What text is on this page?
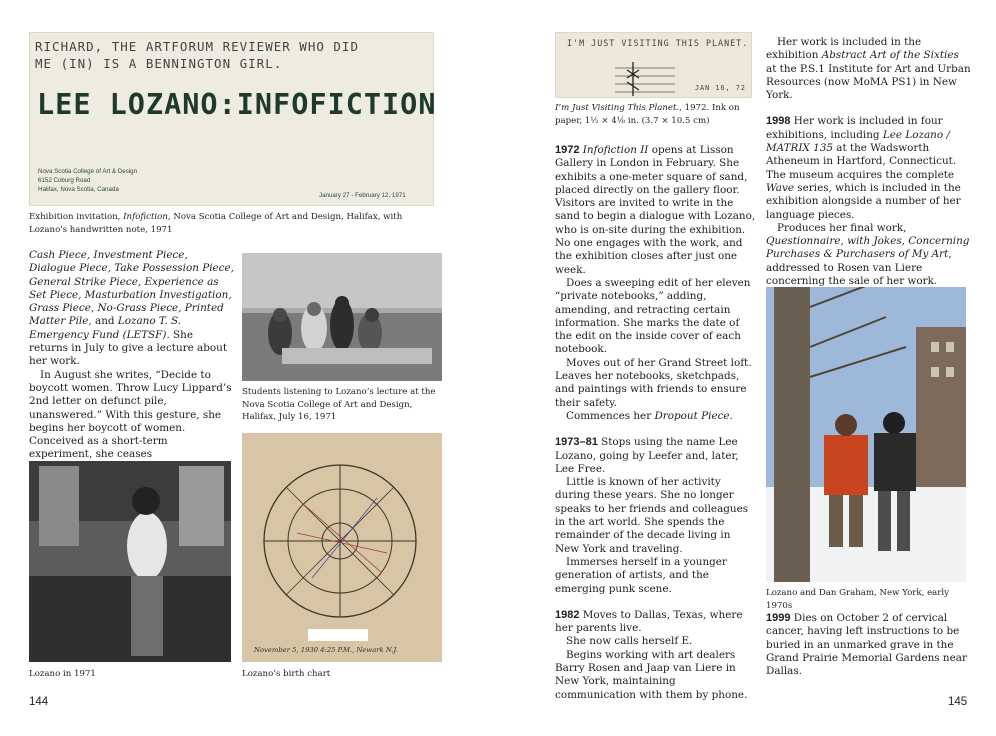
RICHARD, THE ARTFORUM REVIEWER WHO DID
ME (IN) IS A BENNINGTON GIRL.
LEE LOZANO:INFOFICTION
Nova Scotia College of Art & Design
6152 Coburg Road
Halifax, Nova Scotia, Canada
January 27 - February 12, 1971
Exhibition invitation, Infofiction, Nova Scotia College of Art and Design, Halifax, with Lozano's handwritten note, 1971

Cash Piece, Investment Piece, Dialogue Piece, Take Possession Piece, General Strike Piece, Experience as Set Piece, Masturbation Investigation, Grass Piece, No-Grass Piece, Printed Matter Pile, and Lozano T. S. Emergency Fund (LETSF). She returns in July to give a lecture about her work.

In August she writes, “Decide to boycott women. Throw Lucy Lippard’s 2nd letter on defunct pile, unanswered.” With this gesture, she begins her boycott of women. Conceived as a short-term experiment, she ceases

Students listening to Lozano’s lecture at the Nova Scotia College of Art and Design, Halifax, July 16, 1971
Lozano in 1971
November 5, 1930 4:25 P.M., Newark N.J.
Lozano’s birth chart
144
I'M JUST VISITING THIS PLANET.
JAN 16, 72
I’m Just Visiting This Planet., 1972. Ink on paper, 1½ × 4⅛ in. (3.7 × 10.5 cm)

1972 Infofiction II opens at Lisson Gallery in London in February. She exhibits a one-meter square of sand, placed directly on the gallery floor. Visitors are invited to write in the sand to begin a dialogue with Lozano, who is on-site during the exhibition. No one engages with the work, and the exhibition closes after just one week.

Does a sweeping edit of her eleven “private notebooks,” adding, amending, and retracting certain information. She marks the date of the edit on the inside cover of each notebook.

Moves out of her Grand Street loft. Leaves her notebooks, sketchpads, and paintings with friends to ensure their safety.

Commences her Dropout Piece.

1973–81 Stops using the name Lee Lozano, going by Leefer and, later, Lee Free.

Little is known of her activity during these years. She no longer speaks to her friends and colleagues in the art world. She spends the remainder of the decade living in New York and traveling.

Immerses herself in a younger generation of artists, and the emerging punk scene.

1982 Moves to Dallas, Texas, where her parents live.

She now calls herself E.

Begins working with art dealers Barry Rosen and Jaap van Liere in New York, maintaining communication with them by phone.

Her work is included in the exhibition Abstract Art of the Sixties at the P.S.1 Institute for Art and Urban Resources (now MoMA PS1) in New York.

1998 Her work is included in four exhibitions, including Lee Lozano / MATRIX 135 at the Wadsworth Atheneum in Hartford, Connecticut. The museum acquires the complete Wave series, which is included in the exhibition alongside a number of her language pieces.

Produces her final work, Questionnaire, with Jokes, Concerning Purchases & Purchasers of My Art, addressed to Rosen van Liere concerning the sale of her work.

Lozano and Dan Graham, New York, early 1970s

1999 Dies on October 2 of cervical cancer, having left instructions to be buried in an unmarked grave in the Grand Prairie Memorial Gardens near Dallas.

145
